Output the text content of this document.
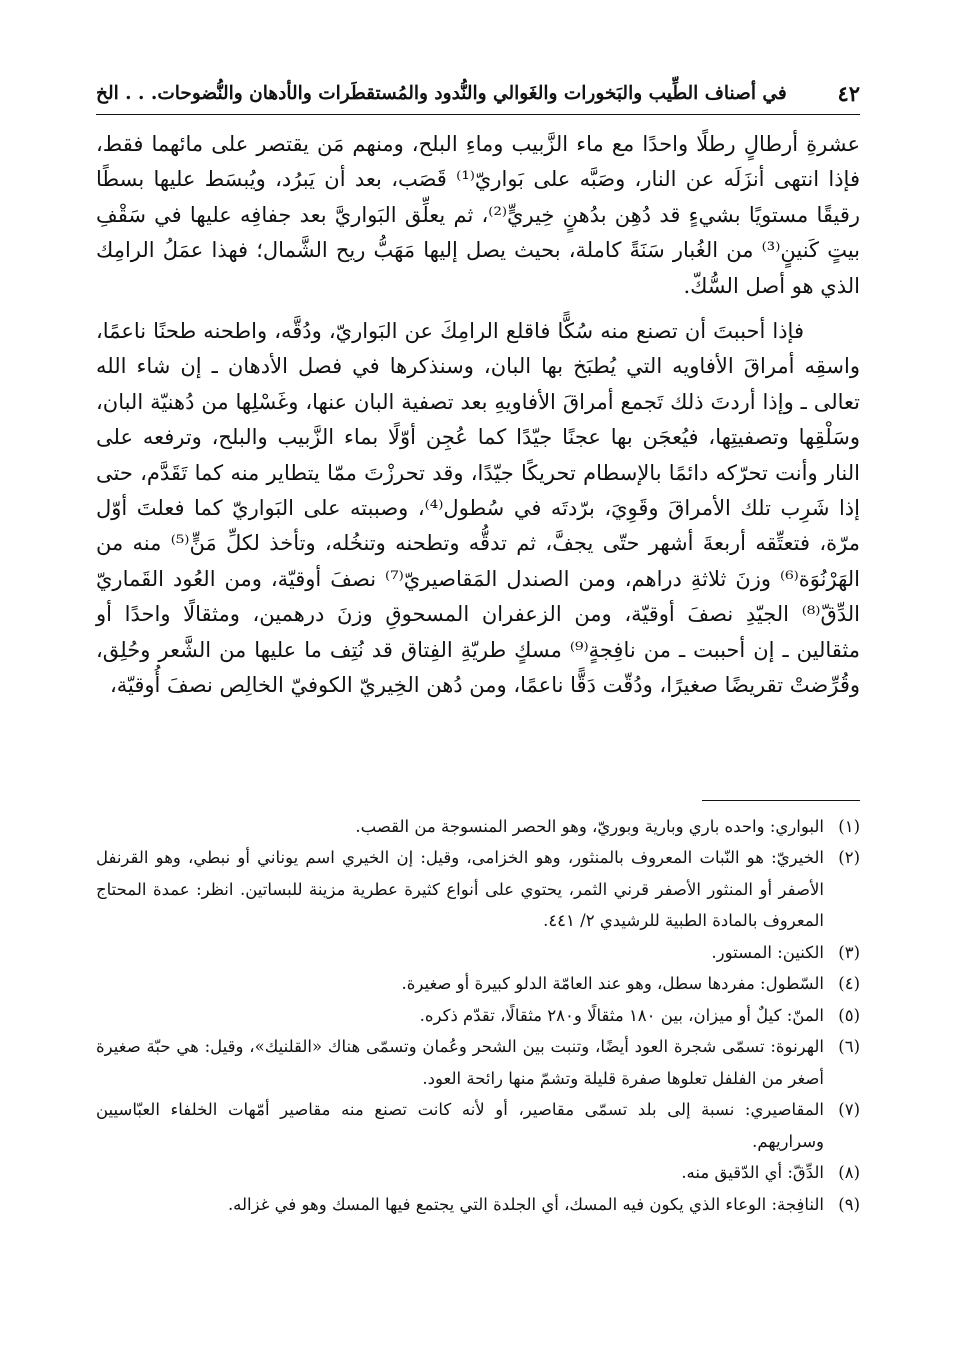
٤٢
في أصناف الطِّيب والبَخورات والغَوالي والنُّدود والمُستقطَرات والأدهان والنُّضوحات. . . الخ

عشرةِ أرطالٍ رطلًا واحدًا مع ماء الزَّبيب وماءِ البلح، ومنهم مَن يقتصر على مائهما فقط، فإذا انتهى أنزَلَه عن النار، وصَبَّه على بَواريّ⁽¹⁾ قَصَب، بعد أن يَبرُد، ويُبسَط عليها بسطًا رقيقًا مستويًا بشيءٍ قد دُهِن بدُهنٍ خِيريٍّ⁽²⁾، ثم يعلِّق البَواريَّ بعد جفافِه عليها في سَقْفِ بيتٍ كَنينٍ⁽³⁾ من الغُبار سَنَةً كاملة، بحيث يصل إليها مَهَبُّ ريح الشَّمال؛ فهذا عمَلُ الرامِك الذي هو أصل السُّكّ.

فإذا أحببتَ أن تصنع منه سُكًّا فاقلع الرامِكَ عن البَواريّ، ودُقَّه، واطحنه طحنًا ناعمًا، واسقِه أمراقَ الأفاويه التي يُطبَخ بها البان، وسنذكرها في فصل الأدهان ـ إن شاء الله تعالى ـ وإذا أردتَ ذلك تَجمع أمراقَ الأفاويهِ بعد تصفية البان عنها، وغَسْلِها من دُهنيّة البان، وسَلْقِها وتصفيتِها، فيُعجَن بها عجنًا جيّدًا كما عُجِن أوّلًا بماء الزَّبيب والبلح، وترفعه على النار وأنت تحرّكه دائمًا بالإسطام تحريكًا جيّدًا، وقد تحرزْتَ ممّا يتطاير منه كما تَقَدَّم، حتى إذا شَرِب تلك الأمراقَ وقَوِيَ، برّدتَه في سُطول⁽⁴⁾، وصببته على البَواريّ كما فعلتَ أوّل مرّة، فتعتِّقه أربعةَ أشهر حتّى يجفَّ، ثم تدقُّه وتطحنه وتنخُله، وتأخذ لكلِّ مَنٍّ⁽⁵⁾ منه من الهَرْنُوَة⁽⁶⁾ وزنَ ثلاثةِ دراهم، ومن الصندل المَقاصيريّ⁽⁷⁾ نصفَ أوقيّة، ومن العُود القَماريّ الدِّقّ⁽⁸⁾ الجيّدِ نصفَ أوقيّة، ومن الزعفران المسحوقِ وزنَ درهمين، ومثقالًا واحدًا أو مثقالين ـ إن أحببت ـ من نافِجةٍ⁽⁹⁾ مسكٍ طريّةِ الفِتاق قد نُتِف ما عليها من الشَّعر وحُلِق، وقُرِّضتْ تقريضًا صغيرًا، ودُقّت دَقًّا ناعمًا، ومن دُهن الخِيريّ الكوفيّ الخالِص نصفَ أُوقيّة،

(١)
البواري: واحده باري وبارية وبوريّ، وهو الحصر المنسوجة من القصب.
(٢)
الخيريّ: هو النّبات المعروف بالمنثور، وهو الخزامى، وقيل: إن الخيري اسم يوناني أو نبطي، وهو القرنفل الأصفر أو المنثور الأصفر قرني الثمر، يحتوي على أنواع كثيرة عطرية مزينة للبساتين. انظر: عمدة المحتاج المعروف بالمادة الطبية للرشيدي ٢/ ٤٤١.
(٣)
الكنين: المستور.
(٤)
السّطول: مفردها سطل، وهو عند العامّة الدلو كبيرة أو صغيرة.
(٥)
المنّ: كيلٌ أو ميزان، بين ١٨٠ مثقالًا و٢٨٠ مثقالًا، تقدّم ذكره.
(٦)
الهرنوة: تسمّى شجرة العود أيضًا، وتنبت بين الشحر وعُمان وتسمّى هناك «القلنيك»، وقيل: هي حبّة صغيرة أصغر من الفلفل تعلوها صفرة قليلة وتشمّ منها رائحة العود.
(٧)
المقاصيري: نسبة إلى بلد تسمّى مقاصير، أو لأنه كانت تصنع منه مقاصير أمّهات الخلفاء العبّاسيين وسراريهم.
(٨)
الدِّقّ: أي الدّقيق منه.
(٩)
النافِجة: الوعاء الذي يكون فيه المسك، أي الجلدة التي يجتمع فيها المسك وهو في غزاله.
